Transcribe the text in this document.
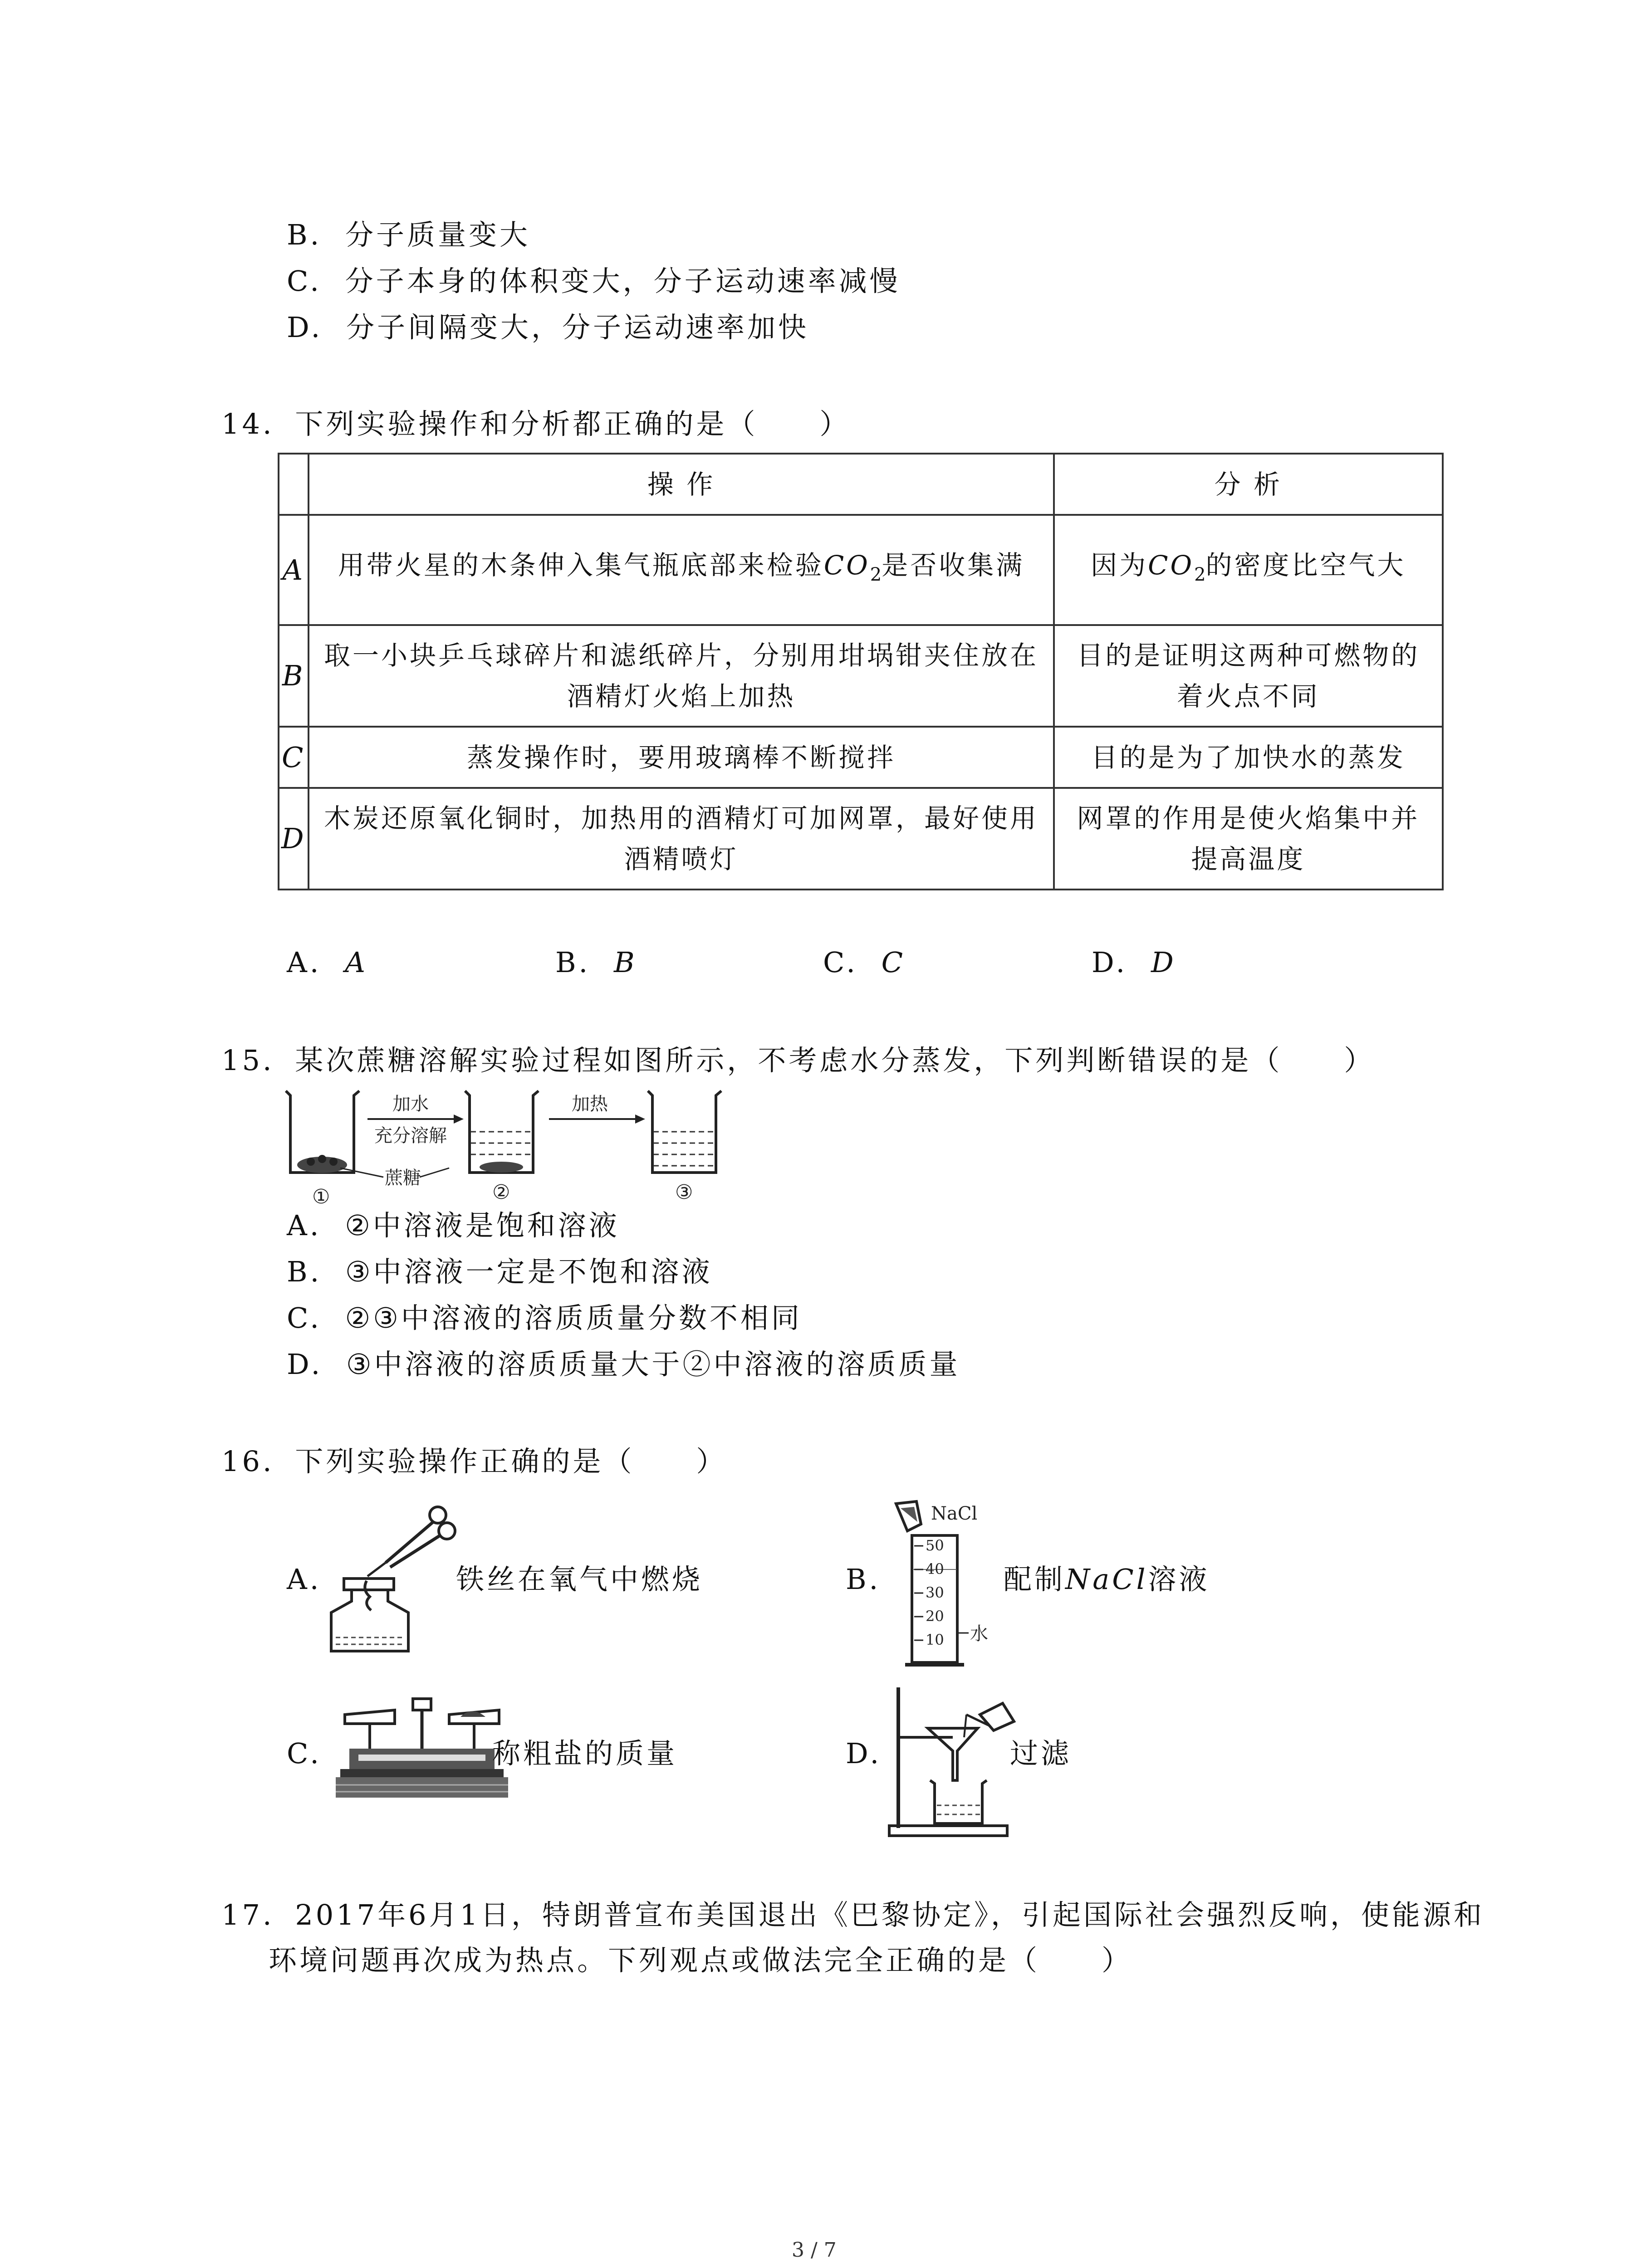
B. 分子质量变大
C. 分子本身的体积变大，分子运动速率减慢
D. 分子间隔变大，分子运动速率加快
14. 下列实验操作和分析都正确的是（　　）
	操 作	分 析
A	用带火星的木条伸入集气瓶底部来检验$CO_2$是否收集满	因为$CO_2$的密度比空气大
B	取一小块乒乓球碎片和滤纸碎片，分别用坩埚钳夹住放在酒精灯火焰上加热	目的是证明这两种可燃物的着火点不同
C	蒸发操作时，要用玻璃棒不断搅拌	目的是为了加快水的蒸发
D	木炭还原氧化铜时，加热用的酒精灯可加网罩，最好使用酒精喷灯	网罩的作用是使火焰集中并提高温度
A. A	B. B	C. C	D. D
15. 某次蔗糖溶解实验过程如图所示，不考虑水分蒸发，下列判断错误的是（　　）
加水
充分溶解
蔗糖
加热
①	②	③
A. ②中溶液是饱和溶液
B. ③中溶液一定是不饱和溶液
C. ②③中溶液的溶质质量分数不相同
D. ③中溶液的溶质质量大于②中溶液的溶质质量
16. 下列实验操作正确的是（　　）
A.	铁丝在氧气中燃烧	B.
NaCl
50
40
30
20
10 水
配制NaCl溶液
C.	称粗盐的质量	D.	过滤
17. 2017年6月1日，特朗普宣布美国退出《巴黎协定》，引起国际社会强烈反响，使能源和
环境问题再次成为热点。下列观点或做法完全正确的是（　　）
3 / 7
